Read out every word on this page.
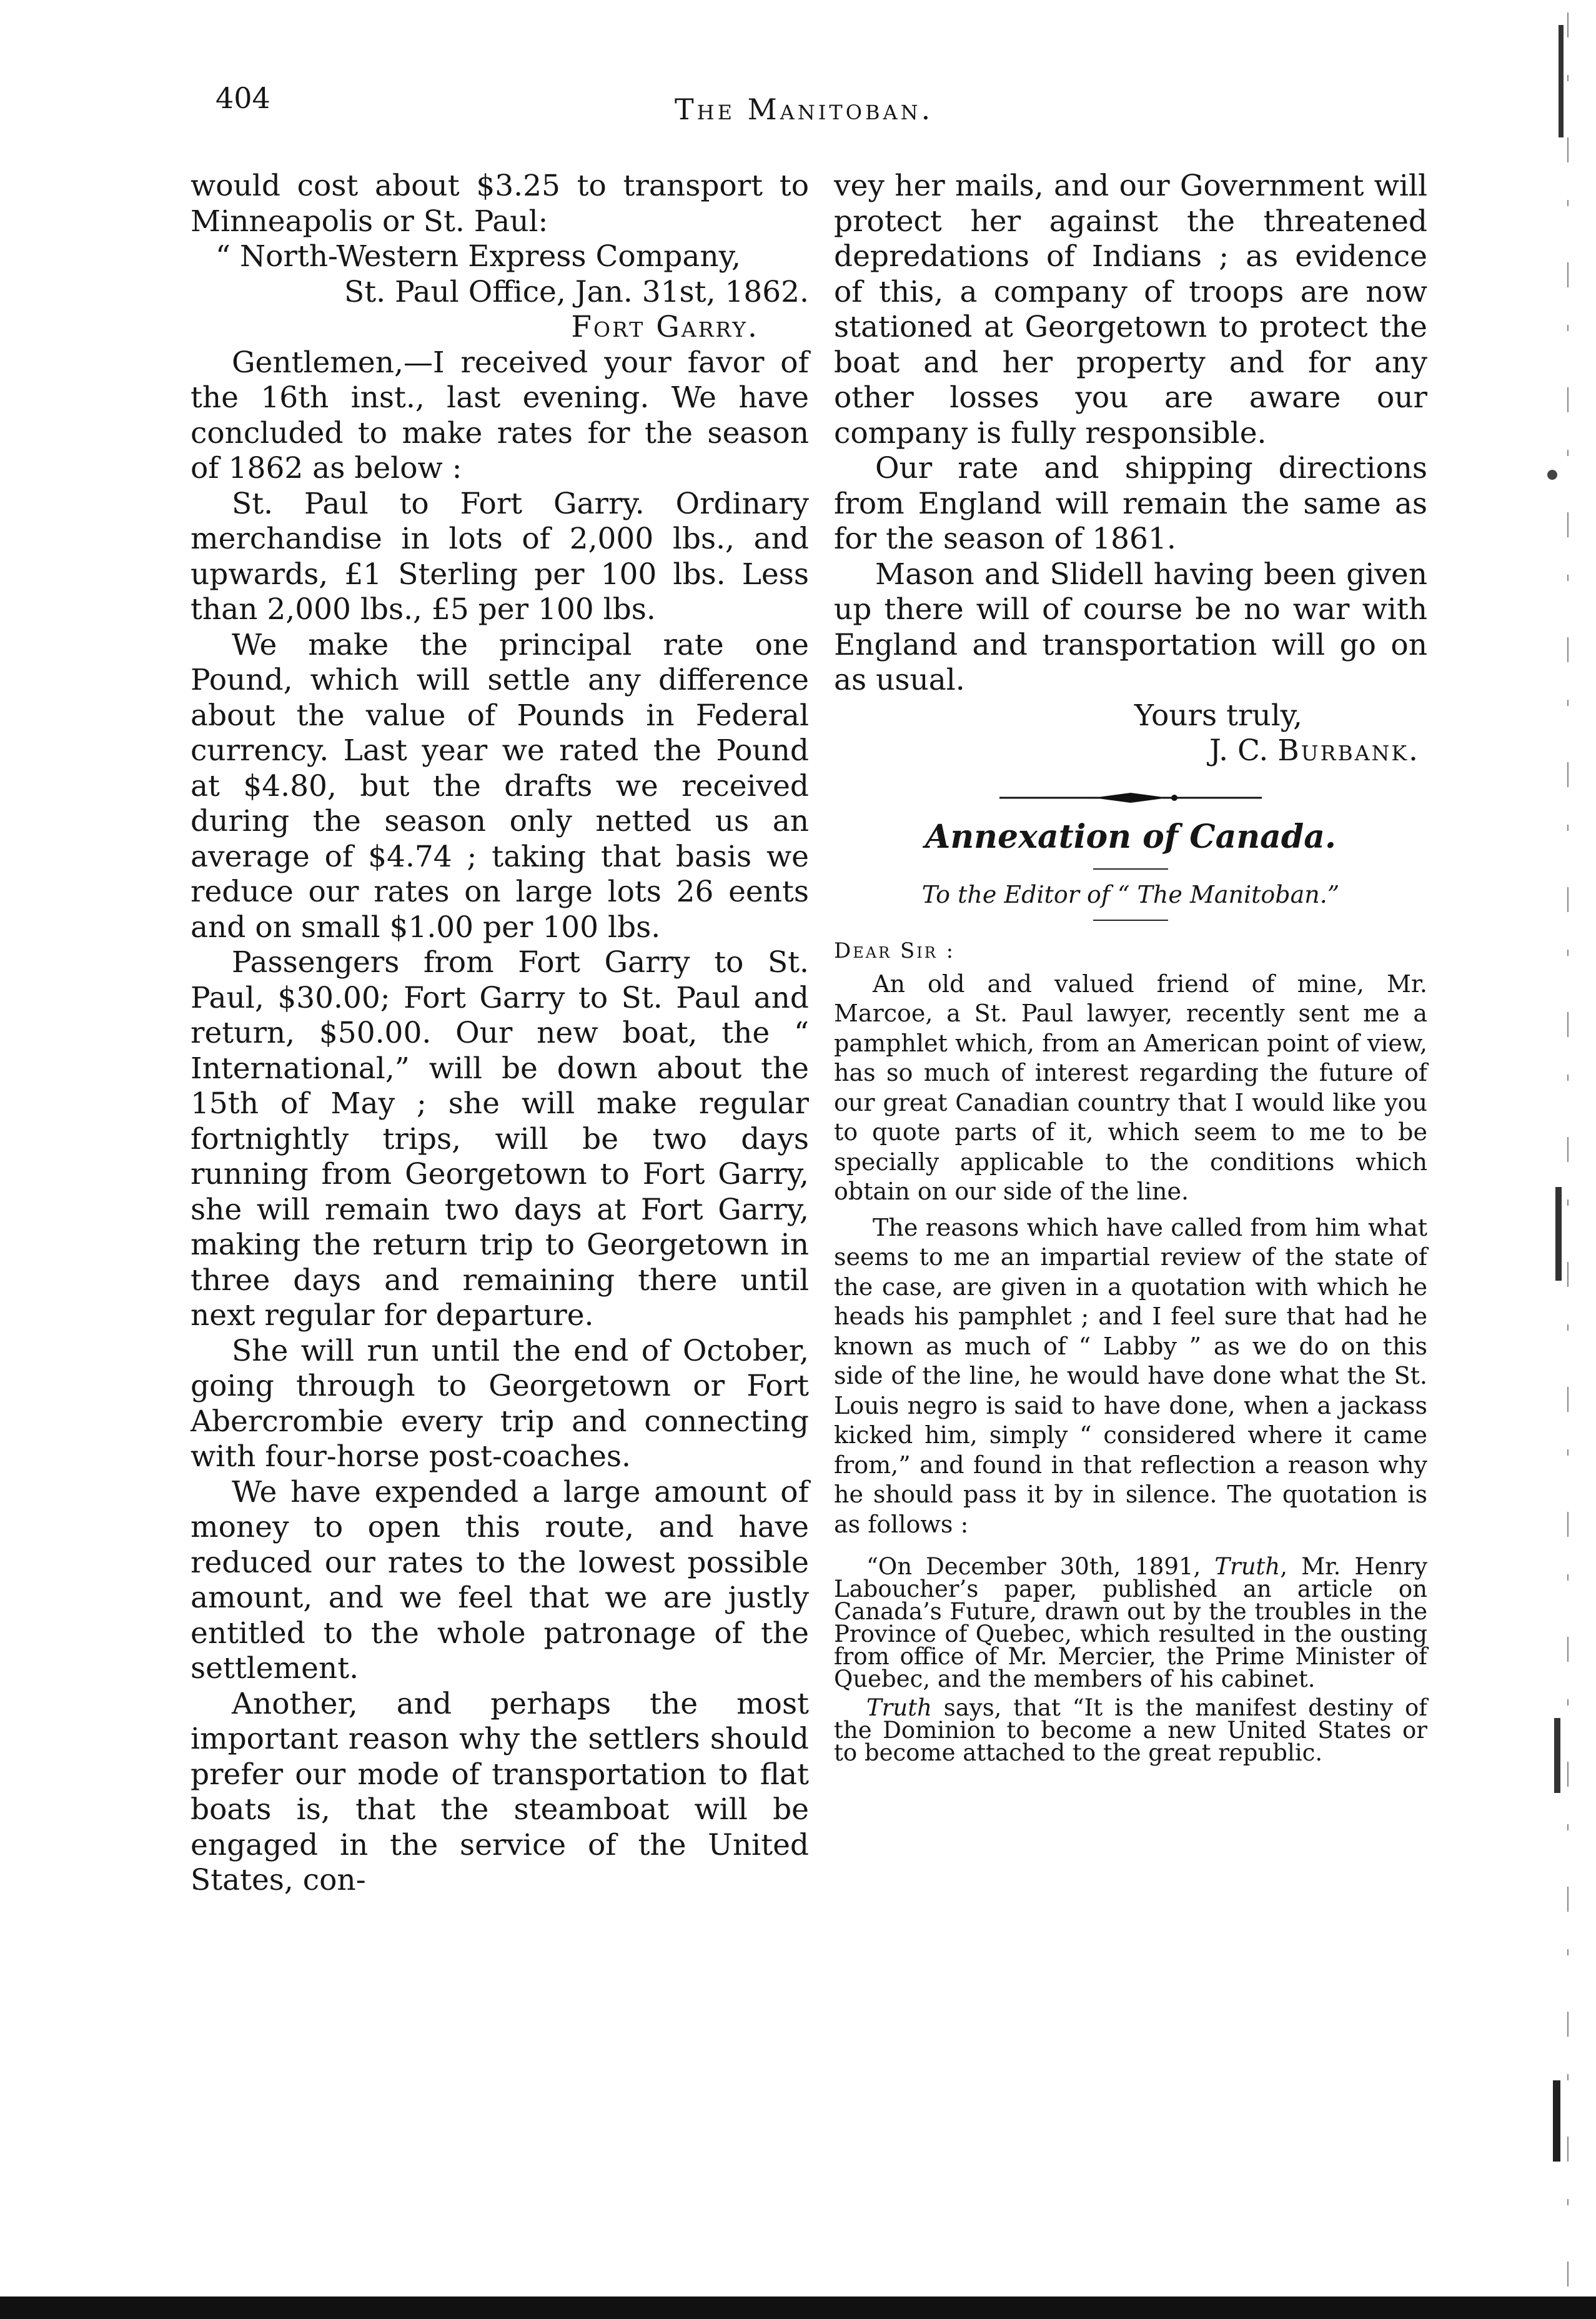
404	The Manitoban.

would cost about $3.25 to transport to Minneapolis or St. Paul:

“ North-Western Express Company,
St. Paul Office, Jan. 31st, 1862.
Fort Garry.

Gentlemen,—I received your favor of the 16th inst., last evening. We have concluded to make rates for the season of 1862 as below :

St. Paul to Fort Garry. Ordinary merchandise in lots of 2,000 lbs., and upwards, £1 Sterling per 100 lbs. Less than 2,000 lbs., £5 per 100 lbs.

We make the principal rate one Pound, which will settle any difference about the value of Pounds in Federal currency. Last year we rated the Pound at $4.80, but the drafts we received during the season only netted us an average of $4.74 ; taking that basis we reduce our rates on large lots 26 eents and on small $1.00 per 100 lbs.

Passengers from Fort Garry to St. Paul, $30.00; Fort Garry to St. Paul and return, $50.00. Our new boat, the “ International,” will be down about the 15th of May ; she will make regular fortnightly trips, will be two days running from Georgetown to Fort Garry, she will remain two days at Fort Garry, making the return trip to Georgetown in three days and remaining there until next regular for departure.

She will run until the end of October, going through to Georgetown or Fort Abercrombie every trip and connecting with four-horse post-coaches.

We have expended a large amount of money to open this route, and have reduced our rates to the lowest possible amount, and we feel that we are justly entitled to the whole patronage of the settlement.

Another, and perhaps the most important reason why the settlers should prefer our mode of transportation to flat boats is, that the steamboat will be engaged in the service of the United States, con-

vey her mails, and our Government will protect her against the threatened depredations of Indians ; as evidence of this, a company of troops are now stationed at Georgetown to protect the boat and her property and for any other losses you are aware our company is fully responsible.

Our rate and shipping directions from England will remain the same as for the season of 1861.

Mason and Slidell having been given up there will of course be no war with England and transportation will go on as usual.

Yours truly,
J. C. Burbank.
Annexation of Canada.
To the Editor of “ The Manitoban.”
Dear Sir :

An old and valued friend of mine, Mr. Marcoe, a St. Paul lawyer, recently sent me a pamphlet which, from an American point of view, has so much of interest regarding the future of our great Canadian country that I would like you to quote parts of it, which seem to me to be specially applicable to the conditions which obtain on our side of the line.

The reasons which have called from him what seems to me an impartial review of the state of the case, are given in a quotation with which he heads his pamphlet ; and I feel sure that had he known as much of “ Labby ” as we do on this side of the line, he would have done what the St. Louis negro is said to have done, when a jackass kicked him, simply “ considered where it came from,” and found in that reflection a reason why he should pass it by in silence. The quotation is as follows :

“On December 30th, 1891, Truth, Mr. Henry Laboucher’s paper, published an article on Canada’s Future, drawn out by the troubles in the Province of Quebec, which resulted in the ousting from office of Mr. Mercier, the Prime Minister of Quebec, and the members of his cabinet.

Truth says, that “It is the manifest destiny of the Dominion to become a new United States or to become attached to the great republic.
